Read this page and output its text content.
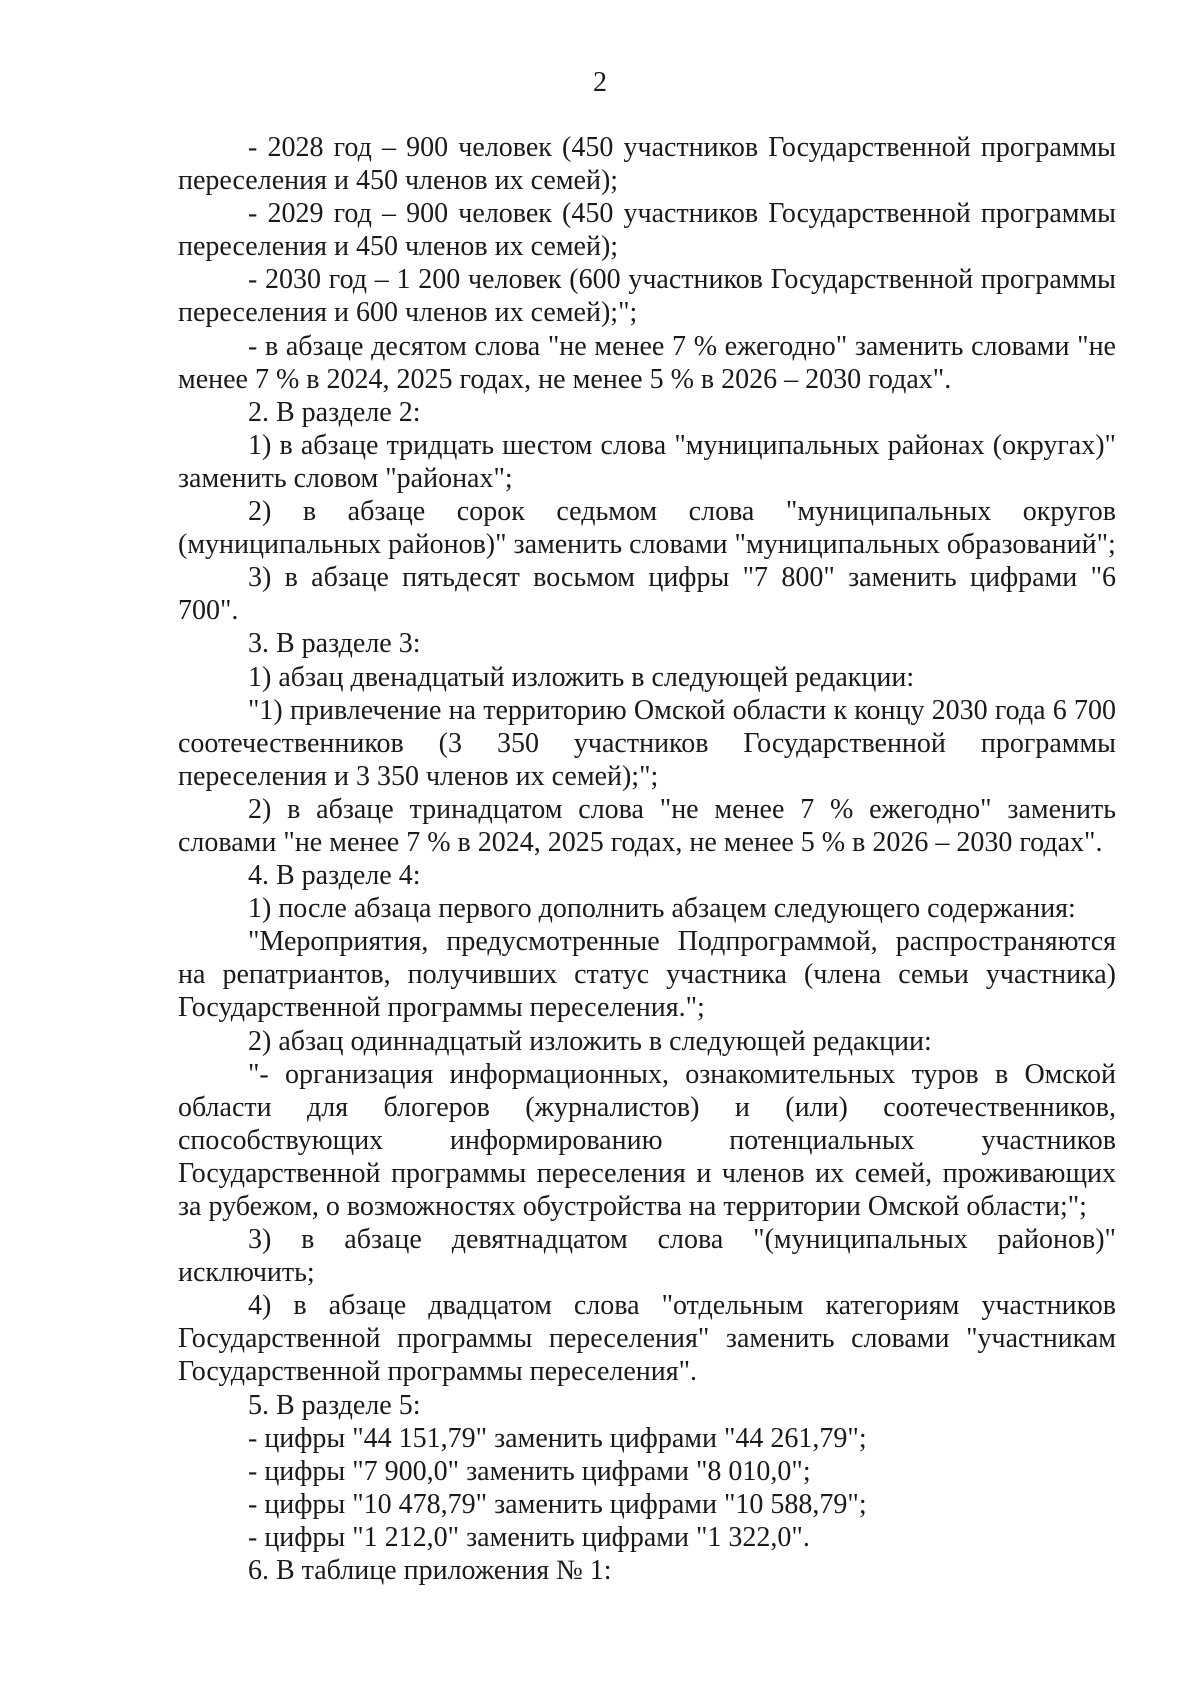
2

- 2028 год – 900 человек (450 участников Государственной программы переселения и 450 членов их семей);

- 2029 год – 900 человек (450 участников Государственной программы переселения и 450 членов их семей);

- 2030 год – 1 200 человек (600 участников Государственной программы переселения и 600 членов их семей);";

- в абзаце десятом слова "не менее 7 % ежегодно" заменить словами "не менее 7 % в 2024, 2025 годах, не менее 5 % в 2026 – 2030 годах".

2. В разделе 2:

1) в абзаце тридцать шестом слова "муниципальных районах (округах)" заменить словом "районах";

2) в абзаце сорок седьмом слова "муниципальных округов (муниципальных районов)" заменить словами "муниципальных образований";

3) в абзаце пятьдесят восьмом цифры "7 800" заменить цифрами "6 700".

3. В разделе 3:

1) абзац двенадцатый изложить в следующей редакции:

"1) привлечение на территорию Омской области к концу 2030 года 6 700 соотечественников (3 350 участников Государственной программы переселения и 3 350 членов их семей);";

2) в абзаце тринадцатом слова "не менее 7 % ежегодно" заменить словами "не менее 7 % в 2024, 2025 годах, не менее 5 % в 2026 – 2030 годах".

4. В разделе 4:

1) после абзаца первого дополнить абзацем следующего содержания:

"Мероприятия, предусмотренные Подпрограммой, распространяются на репатриантов, получивших статус участника (члена семьи участника) Государственной программы переселения.";

2) абзац одиннадцатый изложить в следующей редакции:

"- организация информационных, ознакомительных туров в Омской области для блогеров (журналистов) и (или) соотечественников, способствующих информированию потенциальных участников Государственной программы переселения и членов их семей, проживающих за рубежом, о возможностях обустройства на территории Омской области;";

3) в абзаце девятнадцатом слова "(муниципальных районов)" исключить;

4) в абзаце двадцатом слова "отдельным категориям участников Государственной программы переселения" заменить словами "участникам Государственной программы переселения".

5. В разделе 5:

- цифры "44 151,79" заменить цифрами "44 261,79";

- цифры "7 900,0" заменить цифрами "8 010,0";

- цифры "10 478,79" заменить цифрами "10 588,79";

- цифры "1 212,0" заменить цифрами "1 322,0".

6. В таблице приложения № 1:
